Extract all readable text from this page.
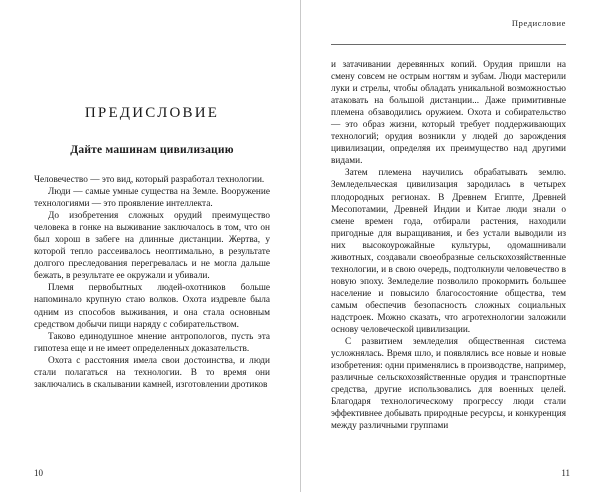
ПРЕДИСЛОВИЕ
Дайте машинам цивилизацию

Человечество — это вид, который разработал технологии.

Люди — самые умные существа на Земле. Вооружение технологиями — это проявление интеллекта.

До изобретения сложных орудий преимущество человека в гонке на выживание заключалось в том, что он был хорош в забеге на длинные дистанции. Жертва, у которой тепло рассеивалось неоптимально, в результате долгого преследования перегревалась и не могла дальше бежать, в результате ее окружали и убивали.

Племя первобытных людей-охотников больше напоминало крупную стаю волков. Охота издревле была одним из способов выживания, и она стала основным средством добычи пищи наряду с собирательством.

Таково единодушное мнение антропологов, пусть эта гипотеза еще и не имеет определенных доказательств.

Охота с расстояния имела свои достоинства, и люди стали полагаться на технологии. В то время они заключались в скалывании камней, изготовлении дротиков

10
Предисловие

и затачивании деревянных копий. Орудия пришли на смену совсем не острым ногтям и зубам. Люди мастерили луки и стрелы, чтобы обладать уникальной возможностью атаковать на большой дистанции... Даже примитивные племена обзаводились оружием. Охота и собирательство — это образ жизни, который требует поддерживающих технологий; орудия возникли у людей до зарождения цивилизации, определяя их преимущество над другими видами.

Затем племена научились обрабатывать землю. Земледельческая цивилизация зародилась в четырех плодородных регионах. В Древнем Египте, Древней Месопотамии, Древней Индии и Китае люди знали о смене времен года, отбирали растения, находили пригодные для выращивания, и без устали выводили из них высокоурожайные культуры, одомашнивали животных, создавали своеобразные сельскохозяйственные технологии, и в свою очередь, подтолкнули человечество в новую эпоху. Земледелие позволило прокормить большее население и повысило благосостояние общества, тем самым обеспечив безопасность сложных социальных надстроек. Можно сказать, что агротехнологии заложили основу человеческой цивилизации.

С развитием земледелия общественная система усложнялась. Время шло, и появлялись все новые и новые изобретения: одни применялись в производстве, например, различные сельскохозяйственные орудия и транспортные средства, другие использовались для военных целей. Благодаря технологическому прогрессу люди стали эффективнее добывать природные ресурсы, и конкуренция между различными группами

11
